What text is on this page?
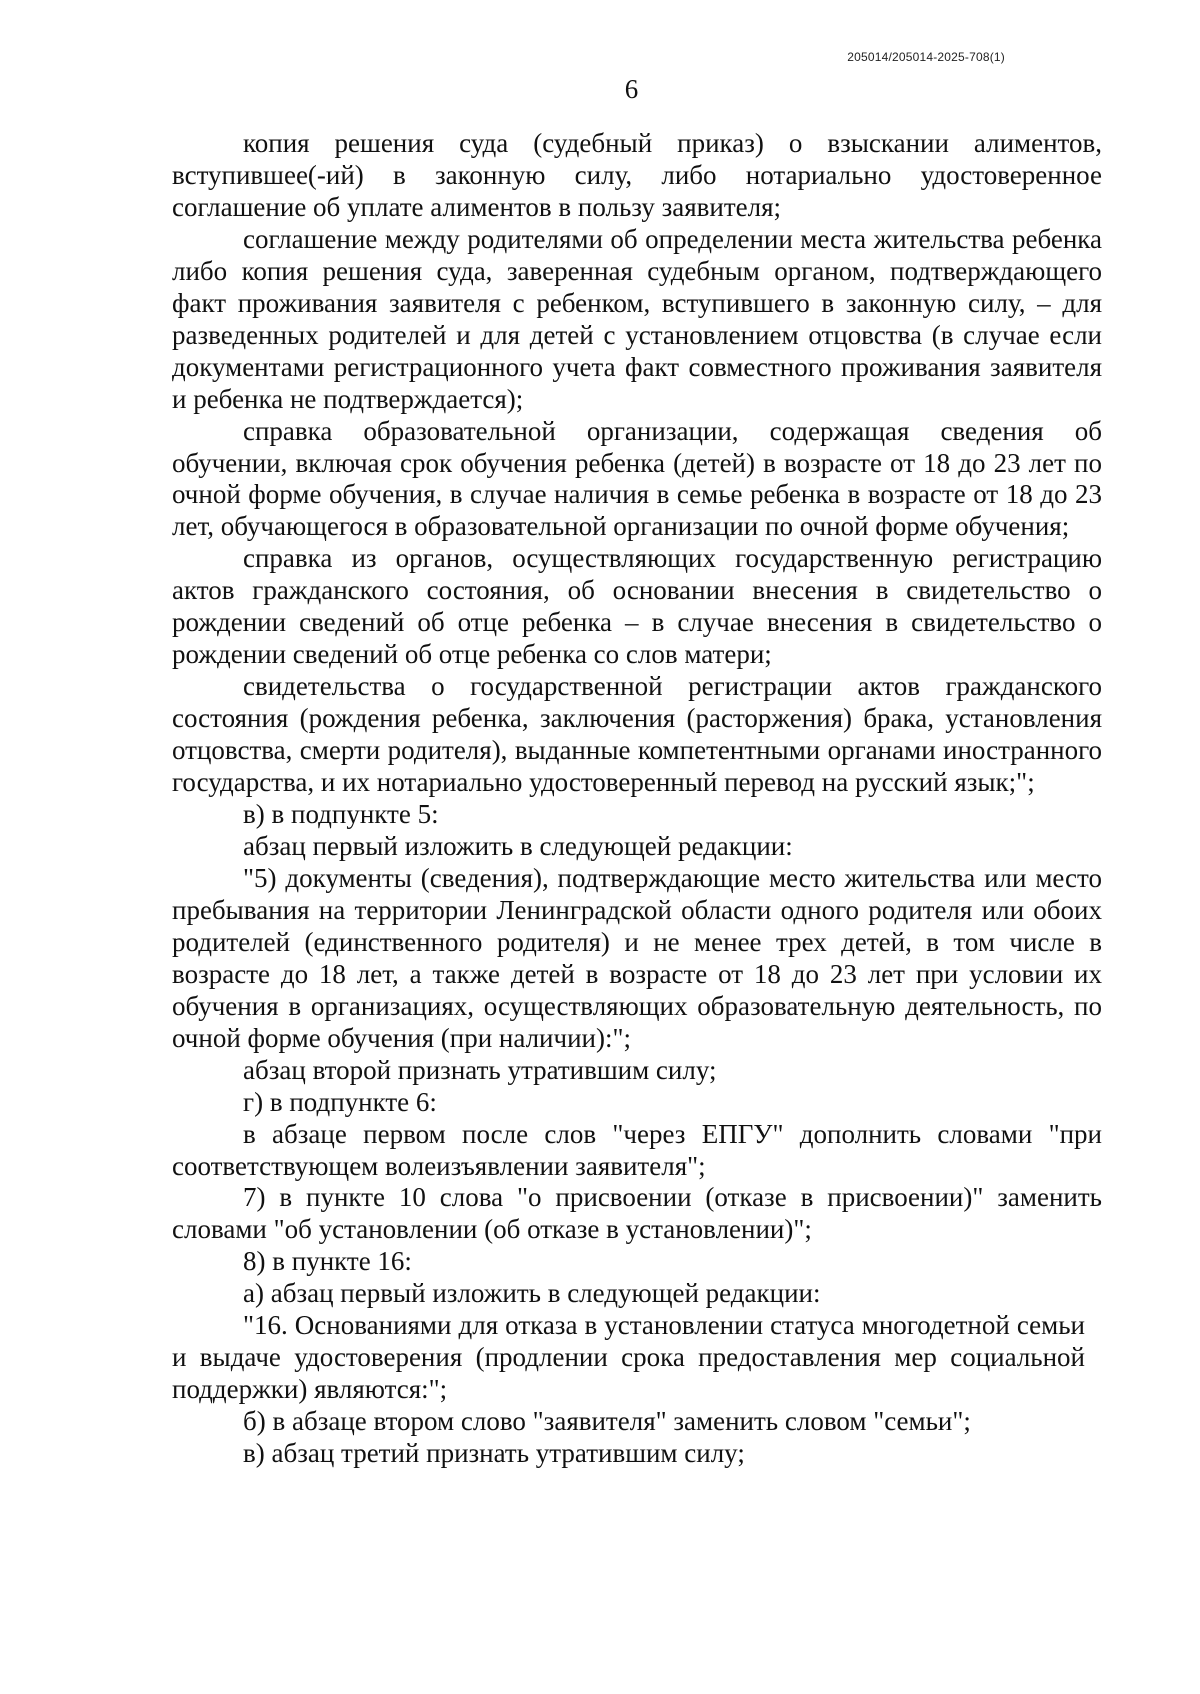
205014/205014-2025-708(1)
6

копия решения суда (судебный приказ) о взыскании алиментов, вступившее(-ий) в законную силу, либо нотариально удостоверенное соглашение об уплате алиментов в пользу заявителя;

соглашение между родителями об определении места жительства ребенка либо копия решения суда, заверенная судебным органом, подтверждающего факт проживания заявителя с ребенком, вступившего в законную силу, – для разведенных родителей и для детей с установлением отцовства (в случае если документами регистрационного учета факт совместного проживания заявителя и ребенка не подтверждается);

справка образовательной организации, содержащая сведения об обучении, включая срок обучения ребенка (детей) в возрасте от 18 до 23 лет по очной форме обучения, в случае наличия в семье ребенка в возрасте от 18 до 23 лет, обучающегося в образовательной организации по очной форме обучения;

справка из органов, осуществляющих государственную регистрацию актов гражданского состояния, об основании внесения в свидетельство о рождении сведений об отце ребенка – в случае внесения в свидетельство о рождении сведений об отце ребенка со слов матери;

свидетельства о государственной регистрации актов гражданского состояния (рождения ребенка, заключения (расторжения) брака, установления отцовства, смерти родителя), выданные компетентными органами иностранного государства, и их нотариально удостоверенный перевод на русский язык;";

в) в подпункте 5:

абзац первый изложить в следующей редакции:

"5) документы (сведения), подтверждающие место жительства или место пребывания на территории Ленинградской области одного родителя или обоих родителей (единственного родителя) и не менее трех детей, в том числе в возрасте до 18 лет, а также детей в возрасте от 18 до 23 лет при условии их обучения в организациях, осуществляющих образовательную деятельность, по очной форме обучения (при наличии):";

абзац второй признать утратившим силу;

г) в подпункте 6:

в абзаце первом после слов "через ЕПГУ" дополнить словами "при соответствующем волеизъявлении заявителя";

7) в пункте 10 слова "о присвоении (отказе в присвоении)" заменить словами "об установлении (об отказе в установлении)";

8) в пункте 16:

а) абзац первый изложить в следующей редакции:

"16. Основаниями для отказа в установлении статуса многодетной семьи и выдаче удостоверения (продлении срока предоставления мер социальной поддержки) являются:";

б) в абзаце втором слово "заявителя" заменить словом "семьи";

в) абзац третий признать утратившим силу;
